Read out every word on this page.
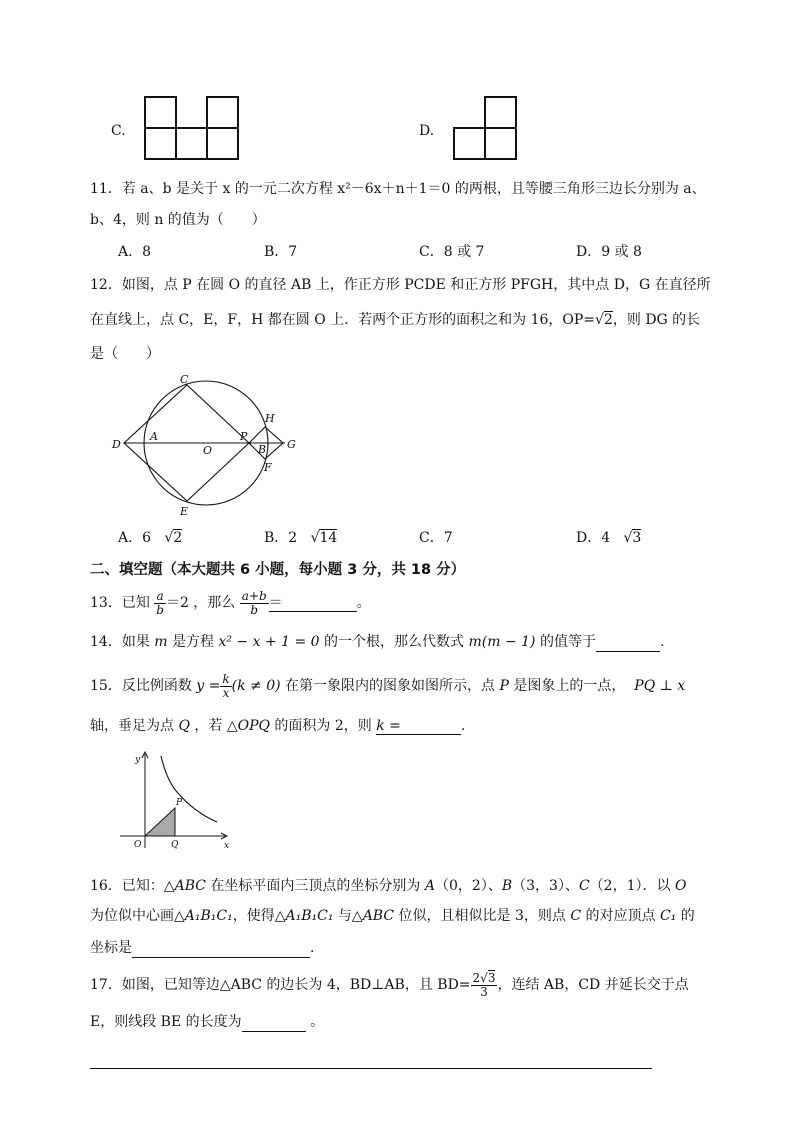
C.	D.
11．若 a、b 是关于 x 的一元二次方程 x²－6x＋n＋1＝0 的两根，且等腰三角形三边长分别为 a、
b、4，则 n 的值为（　　）
A．8	B．7	C．8 或 7	D．9 或 8
12．如图，点 P 在圆 O 的直径 AB 上，作正方形 PCDE 和正方形 PFGH，其中点 D，G 在直径所
在直线上，点 C，E，F，H 都在圆 O 上．若两个正方形的面积之和为 16，OP=√2，则 DG 的长
是（　　）
C
H
D
A
O
P
B G
F
E
A．6 √2	B．2 √14	C．7	D．4 √3
二、填空题（本大题共 6 小题，每小题 3 分，共 18 分）
13．已知 $\frac{a}{b} =2$ ，那么 $\frac{a+b}{b}$ ＝	。
14．如果 m 是方程 x² − x + 1 = 0 的一个根，那么代数式 m(m − 1) 的值等于	.
15．反比例函数 $y = \frac{k}{x} (k \ne 0)$ 在第一象限内的图象如图所示，点 P 是图象上的一点， PQ ⊥ x
轴，垂足为点 Q ，若 △OPQ 的面积为 2，则 k =	.
y
x
O	Q
P
16．已知：△ABC 在坐标平面内三顶点的坐标分别为 A（0，2）、B（3，3）、C（2，1）．以 O
为位似中心画△A₁B₁C₁，使得△A₁B₁C₁ 与△ABC 位似，且相似比是 3，则点 C 的对应顶点 C₁ 的
坐标是	.
17．如图，已知等边△ABC 的边长为 4，BD⊥AB，且 $BD= \frac{2√3}{3}$ ，连结 AB，CD 并延长交于点
E，则线段 BE 的长度为	。
